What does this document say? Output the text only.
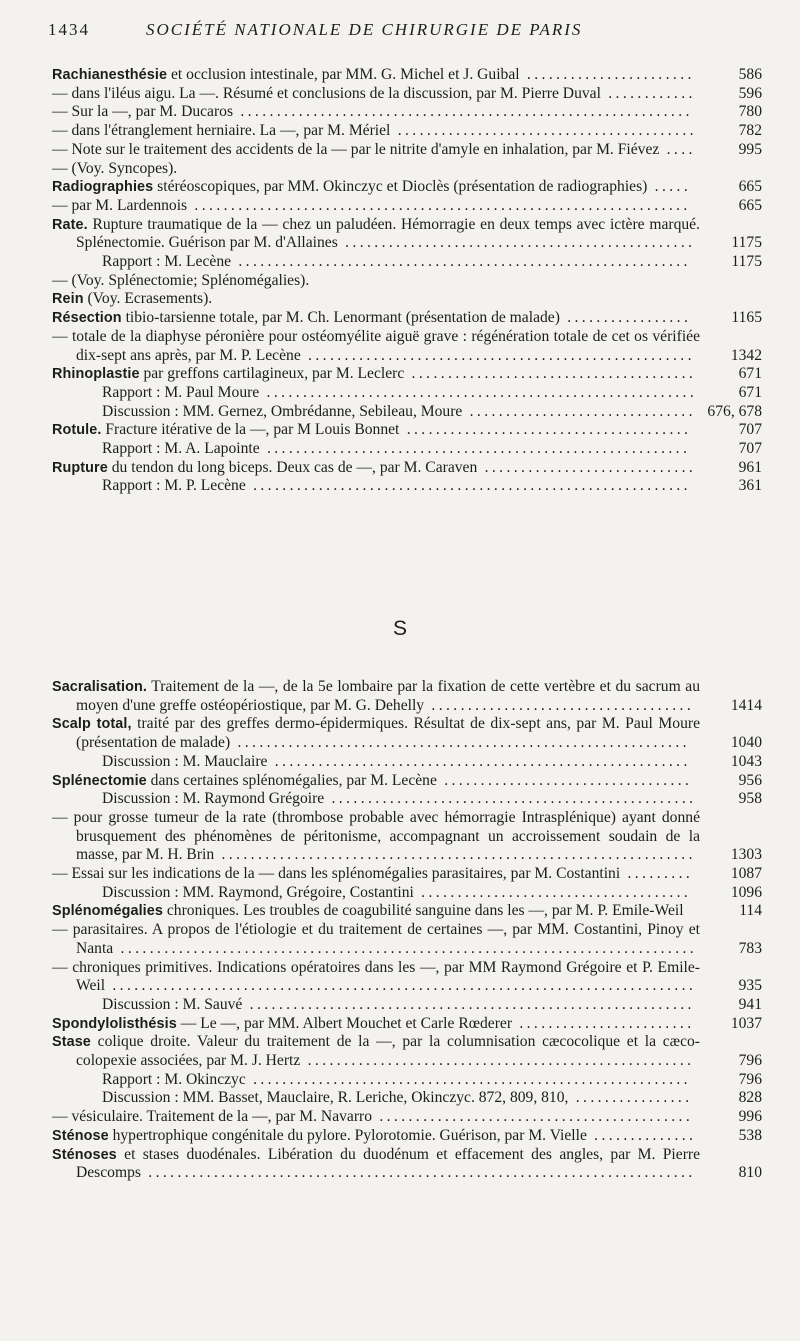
1434	SOCIÉTÉ NATIONALE DE CHIRURGIE DE PARIS
Rachianesthésie et occlusion intestinale, par MM. G. Michel et J. Guibal .......................	586
— dans l'iléus aigu. La —. Résumé et conclusions de la discussion, par M. Pierre Duval ............	596
— Sur la —, par M. Ducaros ..............................................................	780
— dans l'étranglement herniaire. La —, par M. Mériel .........................................	782
— Note sur le traitement des accidents de la — par le nitrite d'amyle en inhalation, par M. Fiévez ....	995
— (Voy. Syncopes).
Radiographies stéréoscopiques, par MM. Okinczyc et Dioclès (présentation de radiographies) .....	665
— par M. Lardennois ....................................................................	665
Rate. Rupture traumatique de la — chez un paludéen. Hémorragie en deux temps avec ictère marqué. Splénectomie. Guérison par M. d'Allaines ................................................ 1175
Rapport : M. Lecène ..............................................................	1175
— (Voy. Splénectomie; Splénomégalies).
Rein (Voy. Ecrasements).
Résection tibio-tarsienne totale, par M. Ch. Lenormant (présentation de malade) .................	1165
— totale de la diaphyse péronière pour ostéomyélite aiguë grave : régénération totale de cet os vérifiée dix-sept ans après, par M. P. Lecène ..................................................... 1342
Rhinoplastie par greffons cartilagineux, par M. Leclerc .......................................	671
Rapport : M. Paul Moure ...........................................................	671
Discussion : MM. Gernez, Ombrédanne, Sebileau, Moure ............................... 676, 678
Rotule. Fracture itérative de la —, par M Louis Bonnet .......................................	707
Rapport : M. A. Lapointe ..........................................................	707
Rupture du tendon du long biceps. Deux cas de —, par M. Caraven .............................	961
Rapport : M. P. Lecène ............................................................	361
S
Sacralisation. Traitement de la —, de la 5e lombaire par la fixation de cette vertèbre et du sacrum au moyen d'une greffe ostéopériostique, par M. G. Dehelly .................................... 1414
Scalp total, traité par des greffes dermo-épidermiques. Résultat de dix-sept ans, par M. Paul Moure (présentation de malade) ..............................................................	1040
Discussion : M. Mauclaire .........................................................	1043
Splénectomie dans certaines splénomégalies, par M. Lecène ..................................	956
Discussion : M. Raymond Grégoire ..................................................	958
— pour grosse tumeur de la rate (thrombose probable avec hémorragie Intrasplénique) ayant donné brusquement des phénomènes de péritonisme, accompagnant un accroissement soudain de la masse, par M. H. Brin ................................................................. 1303
— Essai sur les indications de la — dans les splénomégalies parasitaires, par M. Costantini ......... 1087
Discussion : MM. Raymond, Grégoire, Costantini .....................................	1096
Splénomégalies chroniques. Les troubles de coagubilité sanguine dans les —, par M. P. Emile-Weil	114
— parasitaires. A propos de l'étiologie et du traitement de certaines —, par MM. Costantini, Pinoy et Nanta ...............................................................................	783
— chroniques primitives. Indications opératoires dans les —, par MM Raymond Grégoire et P. Emile-Weil ................................................................................	935
Discussion : M. Sauvé .............................................................	941
Spondylolisthésis — Le —, par MM. Albert Mouchet et Carle Rœderer ........................ 1037
Stase colique droite. Valeur du traitement de la —, par la columnisation cæcocolique et la cæco-colopexie associées, par M. J. Hertz .....................................................	796
Rapport : M. Okinczyc ............................................................	796
Discussion : MM. Basset, Mauclaire, R. Leriche, Okinczyc. 872, 809, 810, ................	828
— vésiculaire. Traitement de la —, par M. Navarro ...........................................	996
Sténose hypertrophique congénitale du pylore. Pylorotomie. Guérison, par M. Vielle ..............	538
Sténoses et stases duodénales. Libération du duodénum et effacement des angles, par M. Pierre Descomps ...........................................................................	810
